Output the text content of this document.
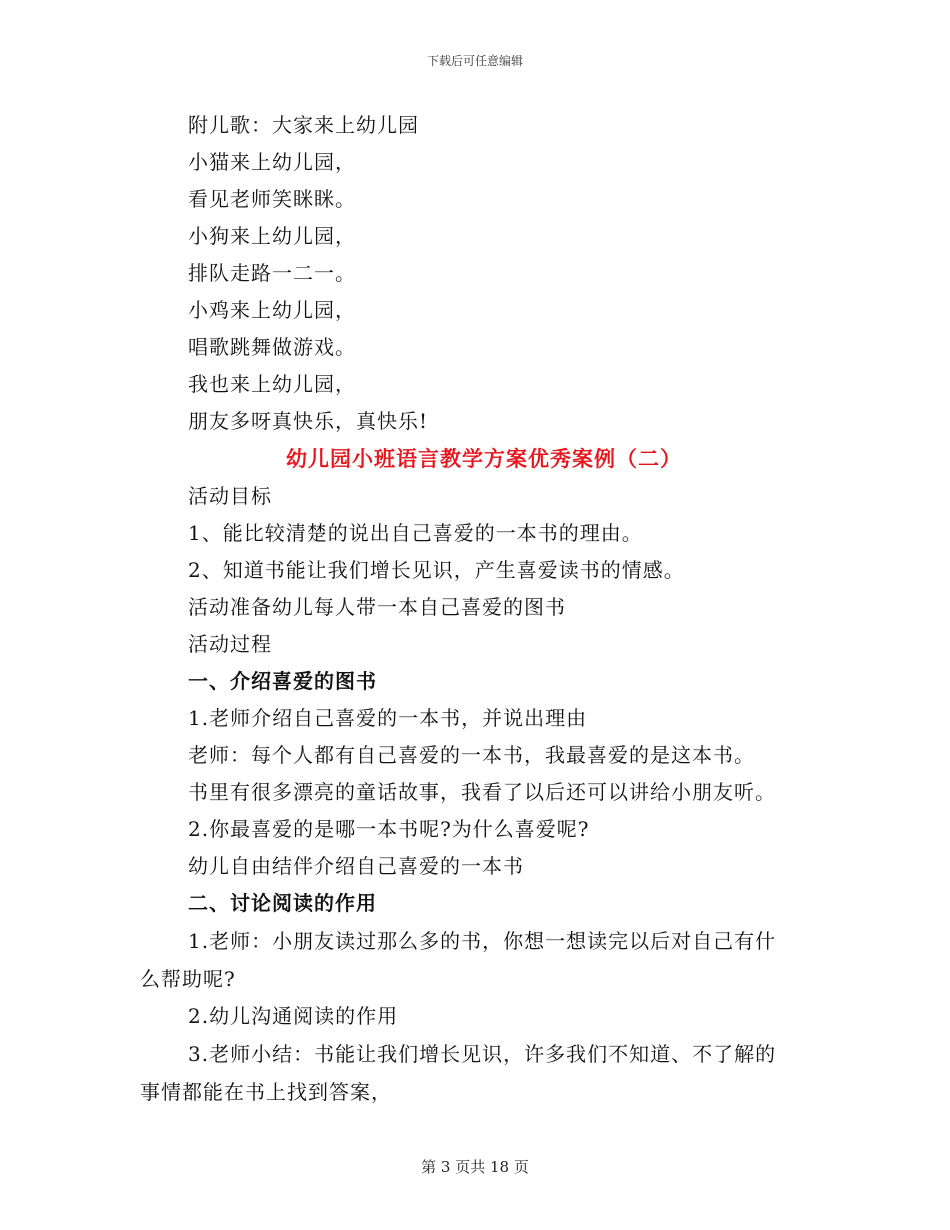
下载后可任意编辑
附儿歌：大家来上幼儿园
小猫来上幼儿园，
看见老师笑眯眯。
小狗来上幼儿园，
排队走路一二一。
小鸡来上幼儿园，
唱歌跳舞做游戏。
我也来上幼儿园，
朋友多呀真快乐，真快乐!
幼儿园小班语言教学方案优秀案例（二）
活动目标
1、能比较清楚的说出自己喜爱的一本书的理由。
2、知道书能让我们增长见识，产生喜爱读书的情感。
活动准备幼儿每人带一本自己喜爱的图书
活动过程
一、介绍喜爱的图书
1.老师介绍自己喜爱的一本书，并说出理由
老师：每个人都有自己喜爱的一本书，我最喜爱的是这本书。
书里有很多漂亮的童话故事，我看了以后还可以讲给小朋友听。
2.你最喜爱的是哪一本书呢?为什么喜爱呢?
幼儿自由结伴介绍自己喜爱的一本书
二、讨论阅读的作用
1.老师：小朋友读过那么多的书，你想一想读完以后对自己有什
么帮助呢?
2.幼儿沟通阅读的作用
3.老师小结：书能让我们增长见识，许多我们不知道、不了解的
事情都能在书上找到答案，
第 3 页共 18 页
